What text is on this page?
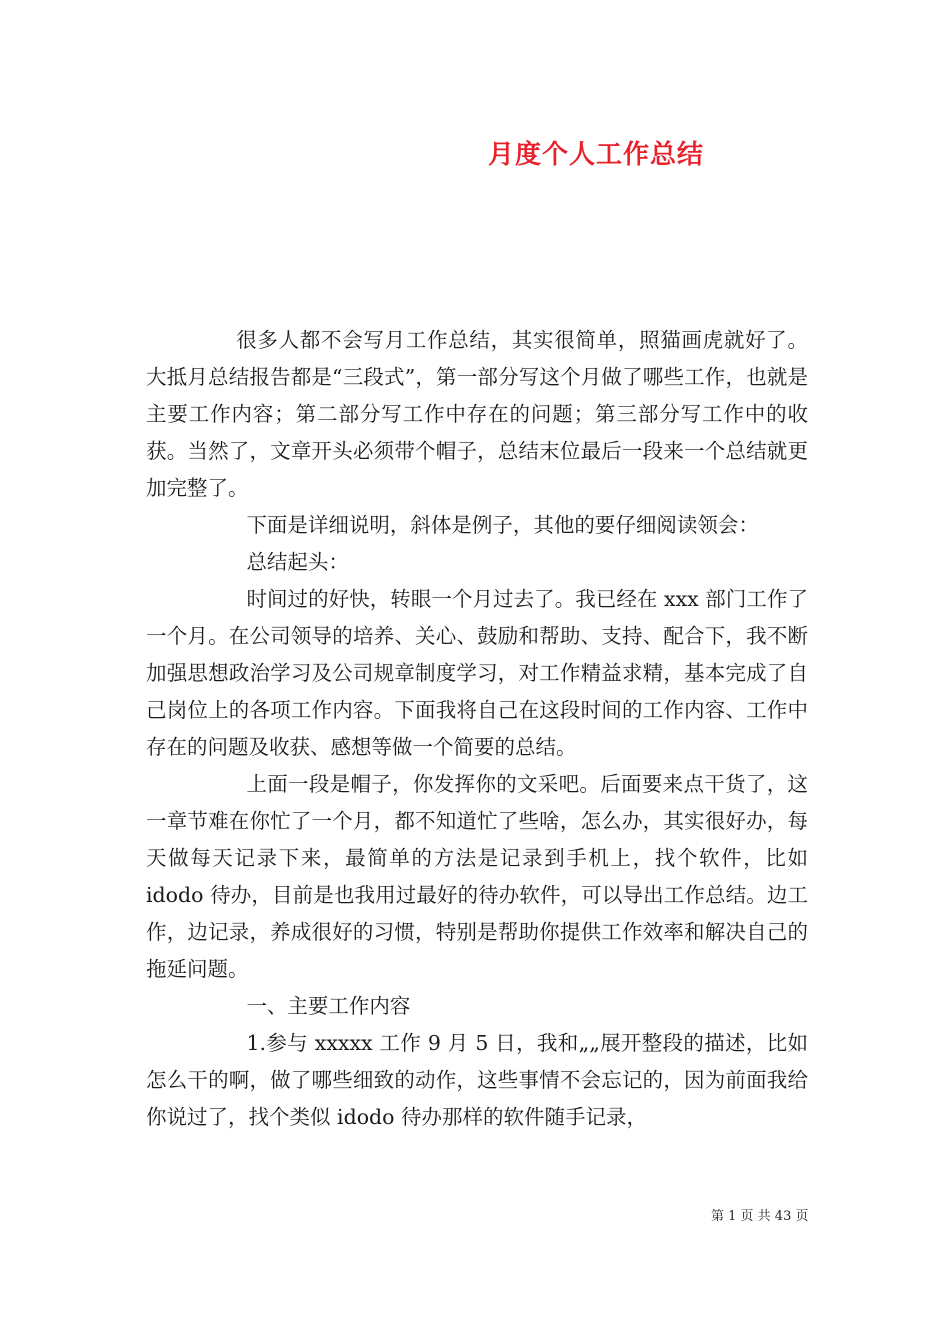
月度个人工作总结

很多人都不会写月工作总结，其实很简单，照猫画虎就好了。大抵月总结报告都是“三段式”，第一部分写这个月做了哪些工作，也就是主要工作内容；第二部分写工作中存在的问题；第三部分写工作中的收获。当然了，文章开头必须带个帽子，总结末位最后一段来一个总结就更加完整了。

下面是详细说明，斜体是例子，其他的要仔细阅读领会：

总结起头：

时间过的好快，转眼一个月过去了。我已经在 xxx 部门工作了一个月。在公司领导的培养、关心、鼓励和帮助、支持、配合下，我不断加强思想政治学习及公司规章制度学习，对工作精益求精，基本完成了自己岗位上的各项工作内容。下面我将自己在这段时间的工作内容、工作中存在的问题及收获、感想等做一个简要的总结。

上面一段是帽子，你发挥你的文采吧。后面要来点干货了，这一章节难在你忙了一个月，都不知道忙了些啥，怎么办，其实很好办，每天做每天记录下来，最简单的方法是记录到手机上，找个软件，比如 idodo 待办，目前是也我用过最好的待办软件，可以导出工作总结。边工作，边记录，养成很好的习惯，特别是帮助你提供工作效率和解决自己的拖延问题。

一、主要工作内容

1.参与 xxxxx 工作 9 月 5 日，我和„„展开整段的描述，比如怎么干的啊，做了哪些细致的动作，这些事情不会忘记的，因为前面我给你说过了，找个类似 idodo 待办那样的软件随手记录，

第 1 页 共 43 页
